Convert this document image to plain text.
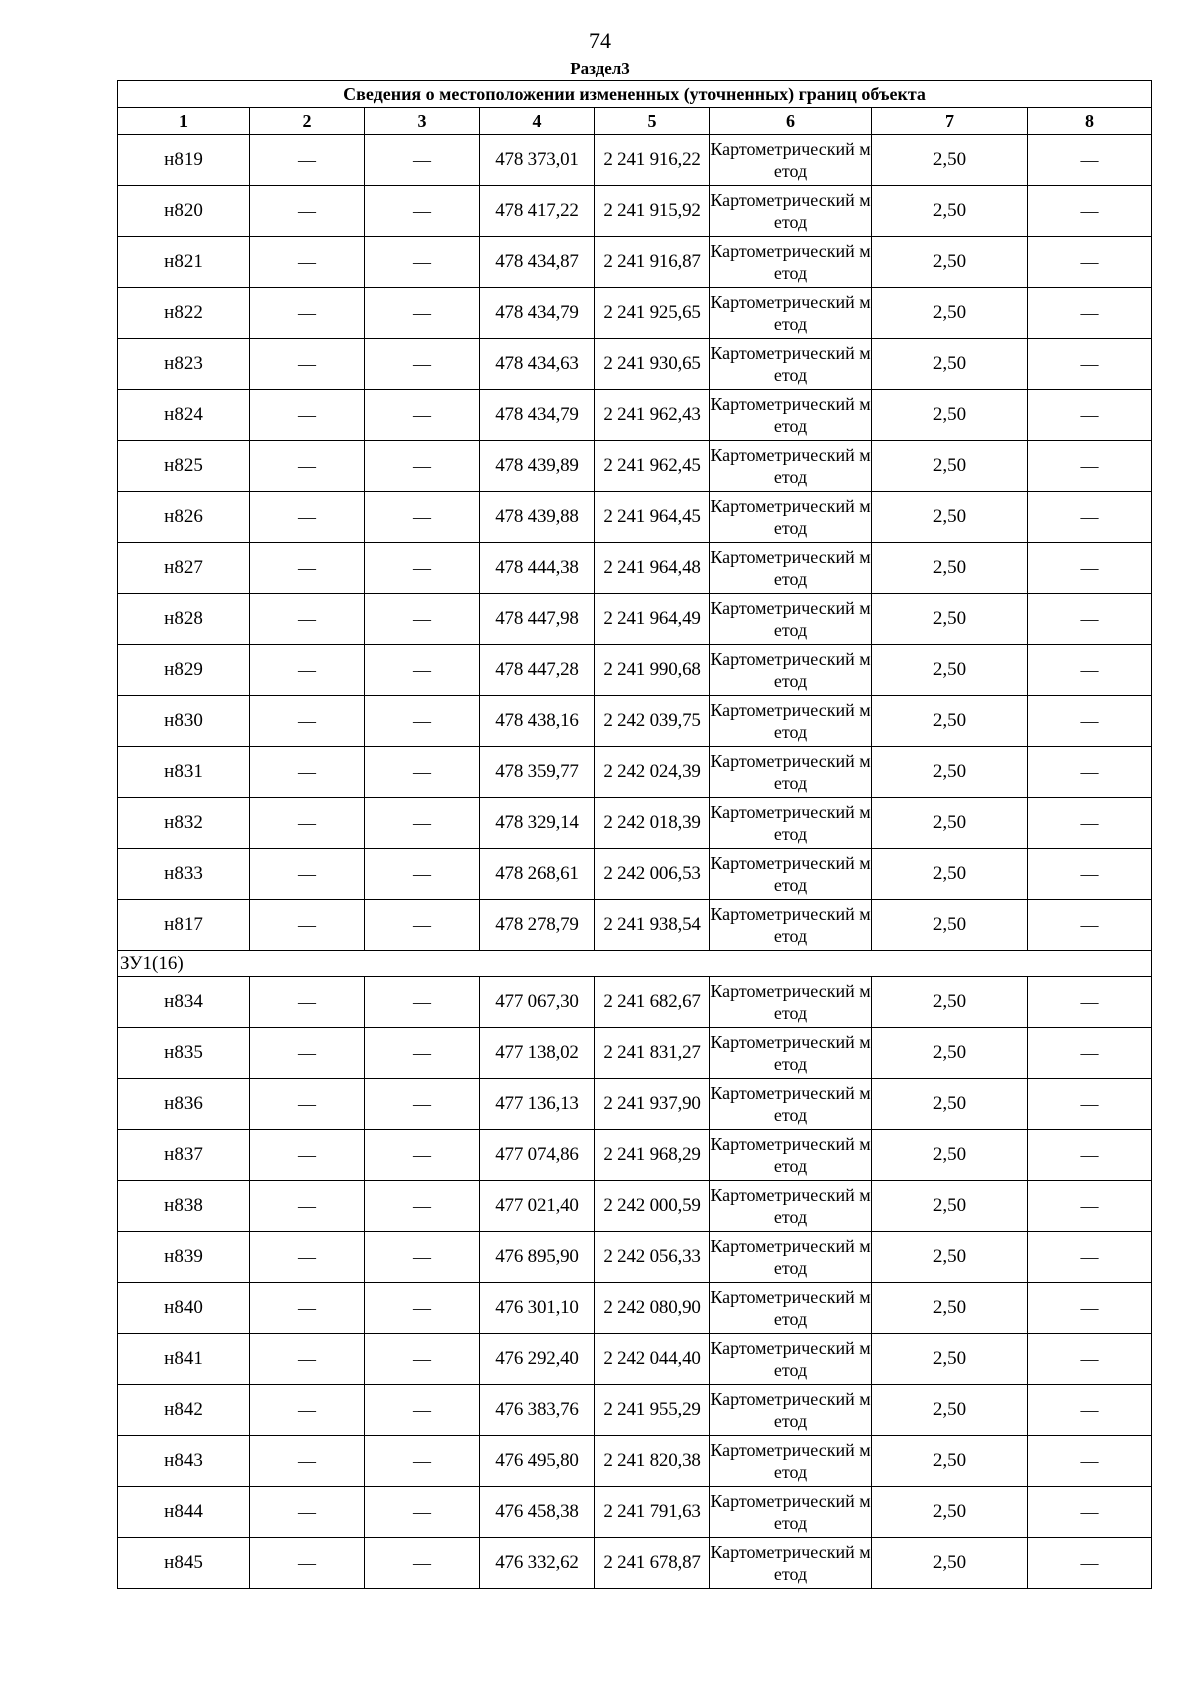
74
Раздел3
Сведения о местоположении измененных (уточненных) границ объекта							
1	2	3	4	5	6	7	8
н819	—	—	478 373,01	2 241 916,22	Картометрический метод	2,50	—
н820	—	—	478 417,22	2 241 915,92	Картометрический метод	2,50	—
н821	—	—	478 434,87	2 241 916,87	Картометрический метод	2,50	—
н822	—	—	478 434,79	2 241 925,65	Картометрический метод	2,50	—
н823	—	—	478 434,63	2 241 930,65	Картометрический метод	2,50	—
н824	—	—	478 434,79	2 241 962,43	Картометрический метод	2,50	—
н825	—	—	478 439,89	2 241 962,45	Картометрический метод	2,50	—
н826	—	—	478 439,88	2 241 964,45	Картометрический метод	2,50	—
н827	—	—	478 444,38	2 241 964,48	Картометрический метод	2,50	—
н828	—	—	478 447,98	2 241 964,49	Картометрический метод	2,50	—
н829	—	—	478 447,28	2 241 990,68	Картометрический метод	2,50	—
н830	—	—	478 438,16	2 242 039,75	Картометрический метод	2,50	—
н831	—	—	478 359,77	2 242 024,39	Картометрический метод	2,50	—
н832	—	—	478 329,14	2 242 018,39	Картометрический метод	2,50	—
н833	—	—	478 268,61	2 242 006,53	Картометрический метод	2,50	—
н817	—	—	478 278,79	2 241 938,54	Картометрический метод	2,50	—
ЗУ1(16)							
н834	—	—	477 067,30	2 241 682,67	Картометрический метод	2,50	—
н835	—	—	477 138,02	2 241 831,27	Картометрический метод	2,50	—
н836	—	—	477 136,13	2 241 937,90	Картометрический метод	2,50	—
н837	—	—	477 074,86	2 241 968,29	Картометрический метод	2,50	—
н838	—	—	477 021,40	2 242 000,59	Картометрический метод	2,50	—
н839	—	—	476 895,90	2 242 056,33	Картометрический метод	2,50	—
н840	—	—	476 301,10	2 242 080,90	Картометрический метод	2,50	—
н841	—	—	476 292,40	2 242 044,40	Картометрический метод	2,50	—
н842	—	—	476 383,76	2 241 955,29	Картометрический метод	2,50	—
н843	—	—	476 495,80	2 241 820,38	Картометрический метод	2,50	—
н844	—	—	476 458,38	2 241 791,63	Картометрический метод	2,50	—
н845	—	—	476 332,62	2 241 678,87	Картометрический метод	2,50	—
